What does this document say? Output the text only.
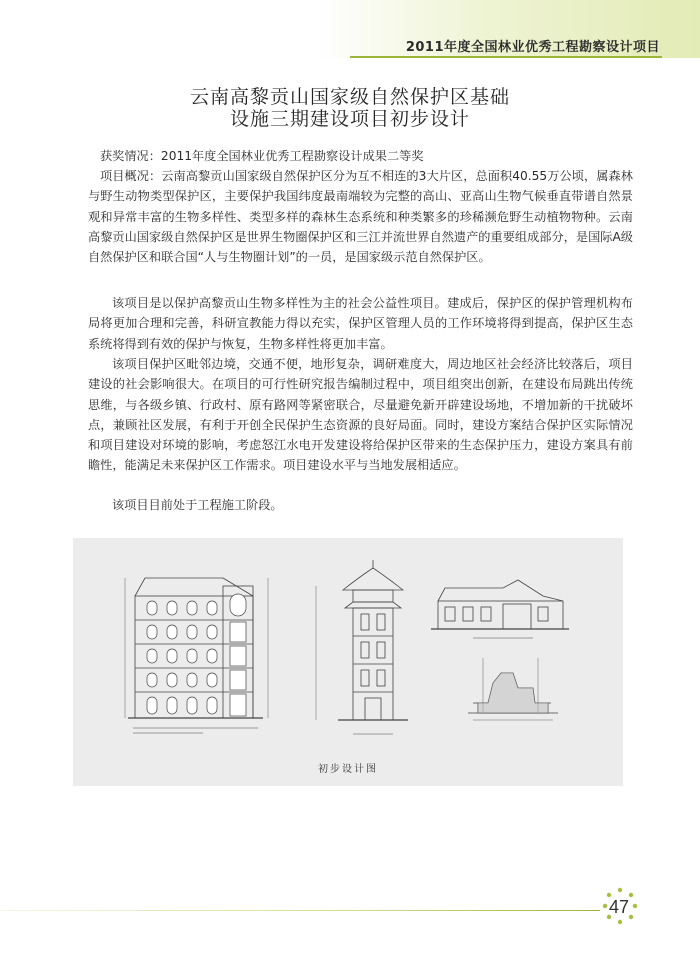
2011年度全国林业优秀工程勘察设计项目
云南高黎贡山国家级自然保护区基础
设施三期建设项目初步设计

获奖情况：2011年度全国林业优秀工程勘察设计成果二等奖

项目概况：云南高黎贡山国家级自然保护区分为互不相连的3大片区，总面积40.55万公顷，属森林与野生动物类型保护区，主要保护我国纬度最南端较为完整的高山、亚高山生物气候垂直带谱自然景观和异常丰富的生物多样性、类型多样的森林生态系统和种类繁多的珍稀濒危野生动植物物种。云南高黎贡山国家级自然保护区是世界生物圈保护区和三江并流世界自然遗产的重要组成部分，是国际A级自然保护区和联合国“人与生物圈计划”的一员，是国家级示范自然保护区。

该项目是以保护高黎贡山生物多样性为主的社会公益性项目。建成后，保护区的保护管理机构布局将更加合理和完善，科研宣教能力得以充实，保护区管理人员的工作环境将得到提高，保护区生态系统将得到有效的保护与恢复，生物多样性将更加丰富。

该项目保护区毗邻边境，交通不便，地形复杂，调研难度大，周边地区社会经济比较落后，项目建设的社会影响很大。在项目的可行性研究报告编制过程中，项目组突出创新，在建设布局跳出传统思维，与各级乡镇、行政村、原有路网等紧密联合，尽量避免新开辟建设场地，不增加新的干扰破坏点，兼顾社区发展，有利于开创全民保护生态资源的良好局面。同时，建设方案结合保护区实际情况和项目建设对环境的影响，考虑怒江水电开发建设将给保护区带来的生态保护压力，建设方案具有前瞻性，能满足未来保护区工作需求。项目建设水平与当地发展相适应。

该项目目前处于工程施工阶段。

初步设计图
47
